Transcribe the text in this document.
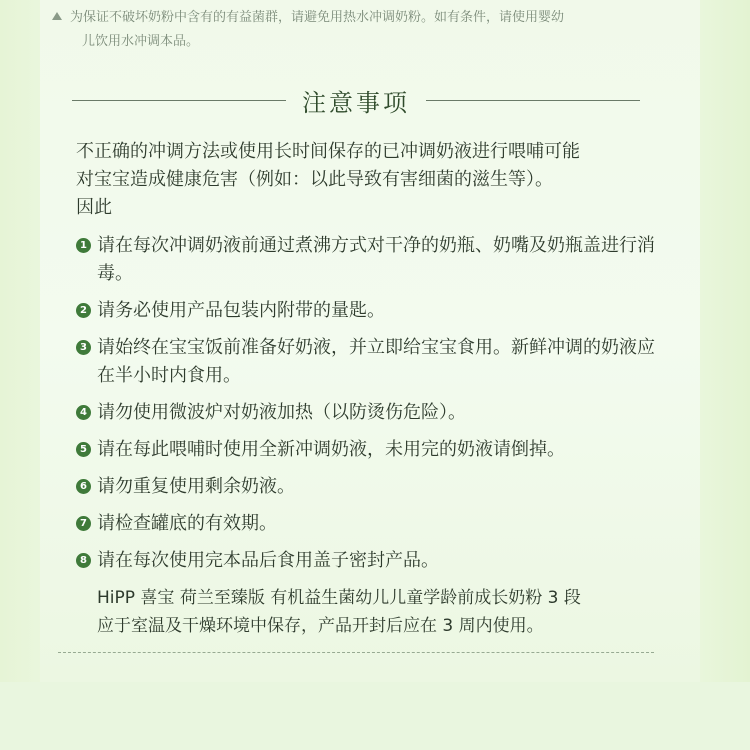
为保证不破坏奶粉中含有的有益菌群，请避免用热水冲调奶粉。如有条件，请使用婴幼
儿饮用水冲调本品。
注意事项

不正确的冲调方法或使用长时间保存的已冲调奶液进行喂哺可能

对宝宝造成健康危害（例如：以此导致有害细菌的滋生等）。

因此

1 请在每次冲调奶液前通过煮沸方式对干净的奶瓶、奶嘴及奶瓶盖进行消毒。
2 请务必使用产品包装内附带的量匙。
3 请始终在宝宝饭前准备好奶液，并立即给宝宝食用。新鲜冲调的奶液应在半小时内食用。
4 请勿使用微波炉对奶液加热（以防烫伤危险）。
5 请在每此喂哺时使用全新冲调奶液，未用完的奶液请倒掉。
6 请勿重复使用剩余奶液。
7 请检查罐底的有效期。
8 请在每次使用完本品后食用盖子密封产品。
HiPP 喜宝 荷兰至臻版 有机益生菌幼儿儿童学龄前成长奶粉 3 段
应于室温及干燥环境中保存，产品开封后应在 3 周内使用。
